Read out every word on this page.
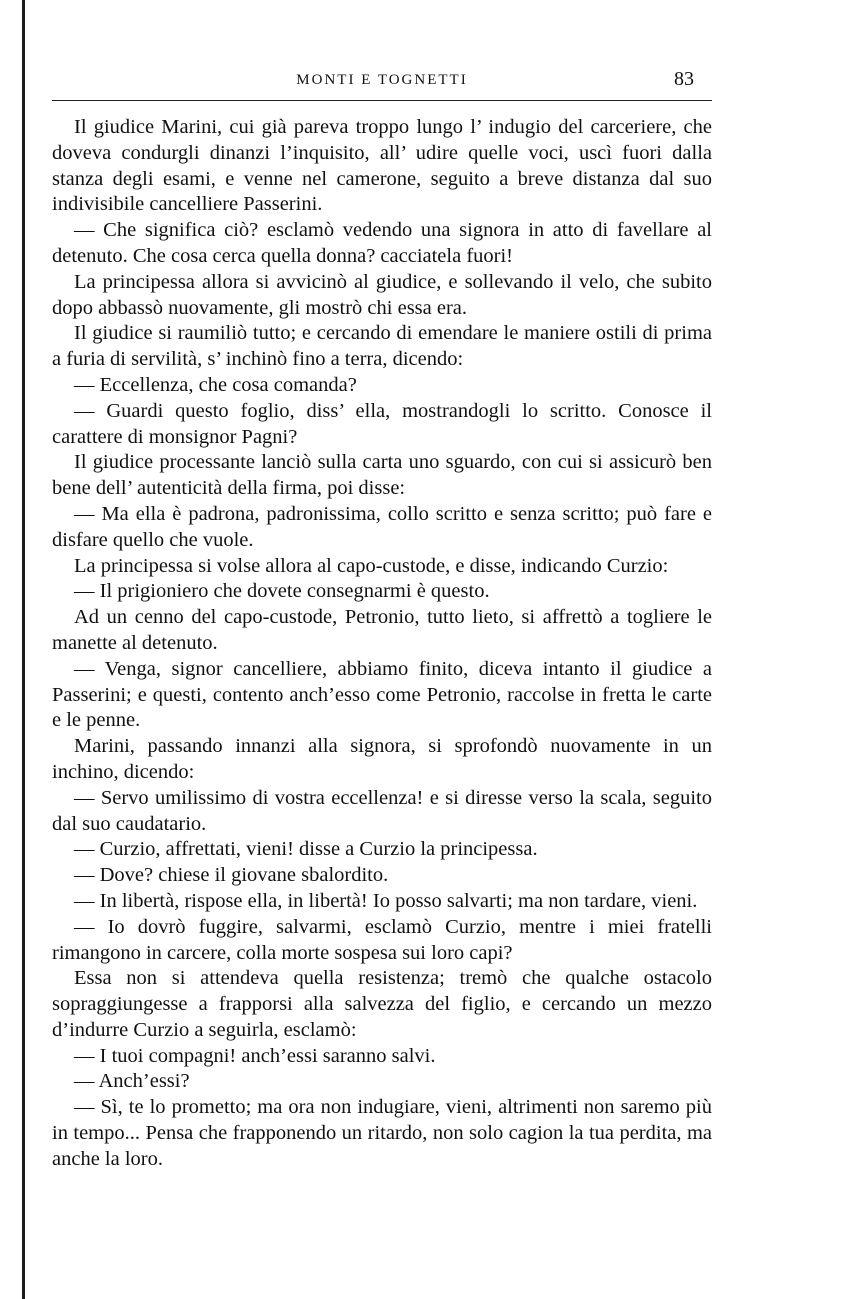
MONTI E TOGNETTI	83

Il giudice Marini, cui già pareva troppo lungo l’ indugio del carceriere, che doveva condurgli dinanzi l’inquisito, all’ udire quelle voci, uscì fuori dalla stanza degli esami, e venne nel camerone, seguito a breve distanza dal suo indivisibile cancelliere Passerini.

— Che significa ciò? esclamò vedendo una signora in atto di favellare al detenuto. Che cosa cerca quella donna? cacciatela fuori!

La principessa allora si avvicinò al giudice, e sollevando il velo, che subito dopo abbassò nuovamente, gli mostrò chi essa era.

Il giudice si raumiliò tutto; e cercando di emendare le maniere ostili di prima a furia di servilità, s’ inchinò fino a terra, dicendo:

— Eccellenza, che cosa comanda?

— Guardi questo foglio, diss’ ella, mostrandogli lo scritto. Conosce il carattere di monsignor Pagni?

Il giudice processante lanciò sulla carta uno sguardo, con cui si assicurò ben bene dell’ autenticità della firma, poi disse:

— Ma ella è padrona, padronissima, collo scritto e senza scritto; può fare e disfare quello che vuole.

La principessa si volse allora al capo-custode, e disse, indicando Curzio:

— Il prigioniero che dovete consegnarmi è questo.

Ad un cenno del capo-custode, Petronio, tutto lieto, si affrettò a togliere le manette al detenuto.

— Venga, signor cancelliere, abbiamo finito, diceva intanto il giudice a Passerini; e questi, contento anch’esso come Petronio, raccolse in fretta le carte e le penne.

Marini, passando innanzi alla signora, si sprofondò nuovamente in un inchino, dicendo:

— Servo umilissimo di vostra eccellenza! e si diresse verso la scala, seguito dal suo caudatario.

— Curzio, affrettati, vieni! disse a Curzio la principessa.

— Dove? chiese il giovane sbalordito.

— In libertà, rispose ella, in libertà! Io posso salvarti; ma non tardare, vieni.

— Io dovrò fuggire, salvarmi, esclamò Curzio, mentre i miei fratelli rimangono in carcere, colla morte sospesa sui loro capi?

Essa non si attendeva quella resistenza; tremò che qualche ostacolo sopraggiungesse a frapporsi alla salvezza del figlio, e cercando un mezzo d’indurre Curzio a seguirla, esclamò:

— I tuoi compagni! anch’essi saranno salvi.

— Anch’essi?

— Sì, te lo prometto; ma ora non indugiare, vieni, altrimenti non saremo più in tempo... Pensa che frapponendo un ritardo, non solo cagion la tua perdita, ma anche la loro.
